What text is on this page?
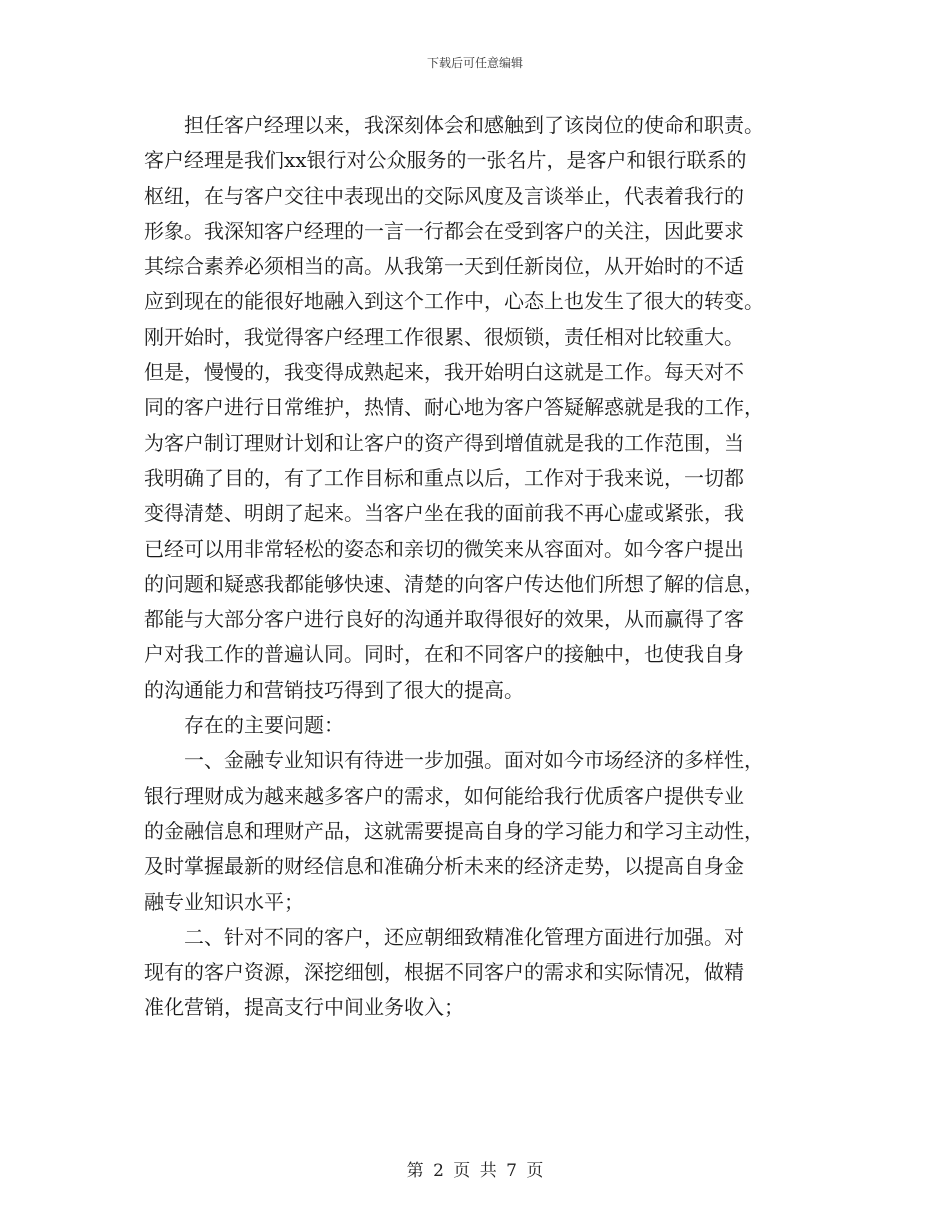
下载后可任意编辑
　　担任客户经理以来，我深刻体会和感触到了该岗位的使命和职责。
客户经理是我们xx银行对公众服务的一张名片，是客户和银行联系的
枢纽，在与客户交往中表现出的交际风度及言谈举止，代表着我行的
形象。我深知客户经理的一言一行都会在受到客户的关注，因此要求
其综合素养必须相当的高。从我第一天到任新岗位，从开始时的不适
应到现在的能很好地融入到这个工作中，心态上也发生了很大的转变。
刚开始时，我觉得客户经理工作很累、很烦锁，责任相对比较重大。
但是，慢慢的，我变得成熟起来，我开始明白这就是工作。每天对不
同的客户进行日常维护，热情、耐心地为客户答疑解惑就是我的工作，
为客户制订理财计划和让客户的资产得到增值就是我的工作范围，当
我明确了目的，有了工作目标和重点以后，工作对于我来说，一切都
变得清楚、明朗了起来。当客户坐在我的面前我不再心虚或紧张，我
已经可以用非常轻松的姿态和亲切的微笑来从容面对。如今客户提出
的问题和疑惑我都能够快速、清楚的向客户传达他们所想了解的信息，
都能与大部分客户进行良好的沟通并取得很好的效果，从而赢得了客
户对我工作的普遍认同。同时，在和不同客户的接触中，也使我自身
的沟通能力和营销技巧得到了很大的提高。
　　存在的主要问题：
　　一、金融专业知识有待进一步加强。面对如今市场经济的多样性，
银行理财成为越来越多客户的需求，如何能给我行优质客户提供专业
的金融信息和理财产品，这就需要提高自身的学习能力和学习主动性，
及时掌握最新的财经信息和准确分析未来的经济走势，以提高自身金
融专业知识水平；
　　二、针对不同的客户，还应朝细致精准化管理方面进行加强。对
现有的客户资源，深挖细刨，根据不同客户的需求和实际情况，做精
准化营销，提高支行中间业务收入；
第 2 页 共 7 页
